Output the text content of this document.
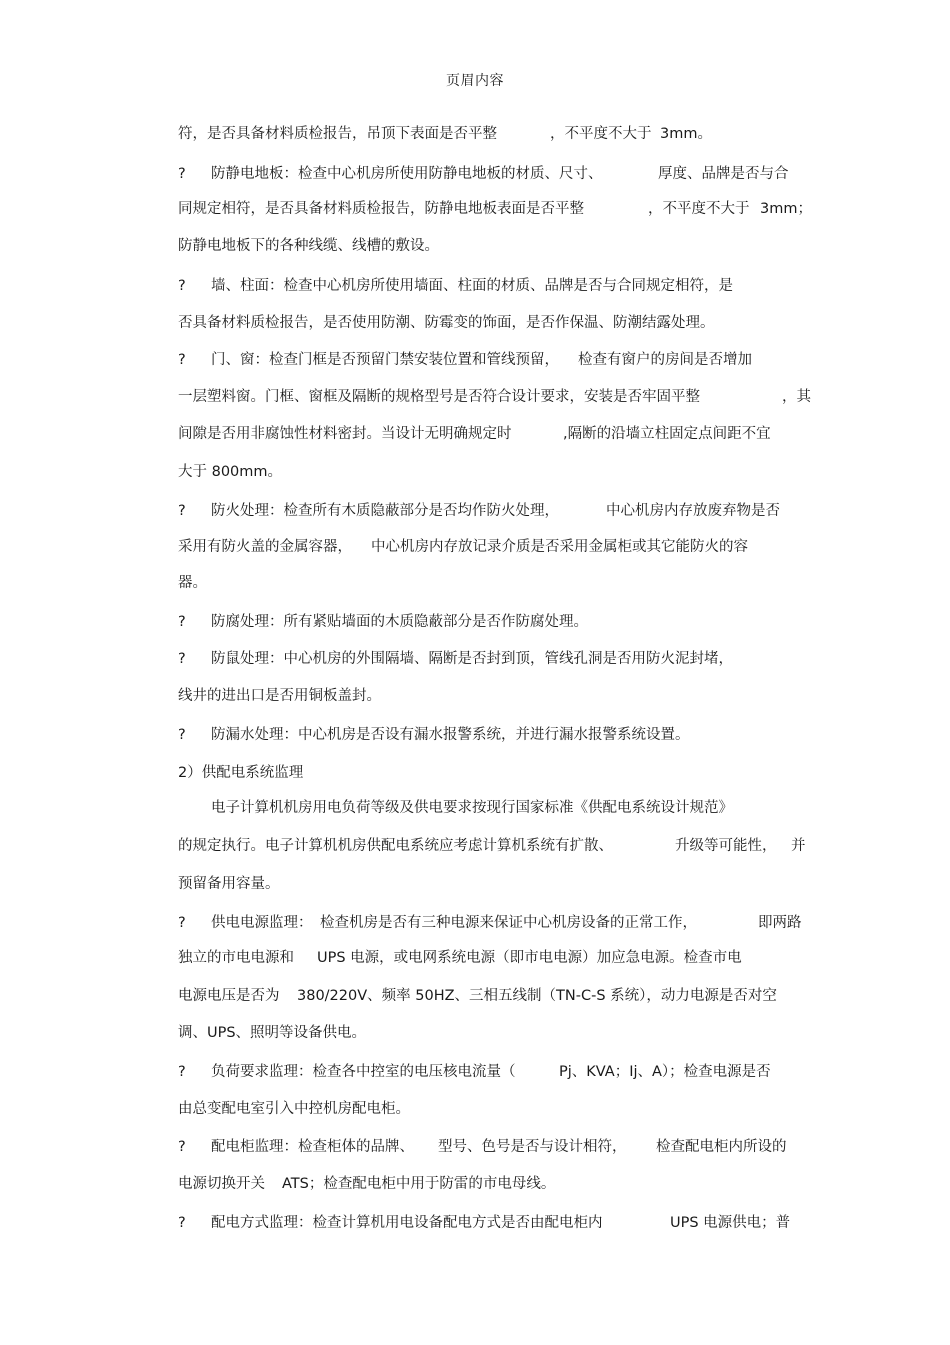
页眉内容
符，是否具备材料质检报告，吊顶下表面是否平整	，不平度不大于 3mm。
? 防静电地板：检查中心机房所使用防静电地板的材质、尺寸、	厚度、品牌是否与合
同规定相符，是否具备材料质检报告，防静电地板表面是否平整	，不平度不大于 3mm；
防静电地板下的各种线缆、线槽的敷设。
? 墙、柱面：检查中心机房所使用墙面、柱面的材质、品牌是否与合同规定相符，是
否具备材料质检报告，是否使用防潮、防霉变的饰面，是否作保温、防潮结露处理。
? 门、窗：检查门框是否预留门禁安装位置和管线预留， 检查有窗户的房间是否增加
一层塑料窗。门框、窗框及隔断的规格型号是否符合设计要求，安装是否牢固平整	，其
间隙是否用非腐蚀性材料密封。当设计无明确规定时	,隔断的沿墙立柱固定点间距不宜
大于 800mm。
? 防火处理：检查所有木质隐蔽部分是否均作防火处理，	中心机房内存放废弃物是否
采用有防火盖的金属容器， 中心机房内存放记录介质是否采用金属柜或其它能防火的容
器。
? 防腐处理：所有紧贴墙面的木质隐蔽部分是否作防腐处理。
? 防鼠处理：中心机房的外围隔墙、隔断是否封到顶，管线孔洞是否用防火泥封堵，
线井的进出口是否用铜板盖封。
? 防漏水处理：中心机房是否设有漏水报警系统，并进行漏水报警系统设置。
2）供配电系统监理
电子计算机机房用电负荷等级及供电要求按现行国家标准《供配电系统设计规范》
的规定执行。电子计算机机房供配电系统应考虑计算机系统有扩散、	升级等可能性， 并
预留备用容量。
? 供电电源监理： 检查机房是否有三种电源来保证中心机房设备的正常工作，	即两路
独立的市电电源和 UPS 电源，或电网系统电源（即市电电源）加应急电源。检查市电
电源电压是否为 380/220V、频率 50HZ、三相五线制（TN-C-S 系统），动力电源是否对空
调、UPS、照明等设备供电。
? 负荷要求监理：检查各中控室的电压核电流量（	Pj、KVA；Ij、A）；检查电源是否
由总变配电室引入中控机房配电柜。
? 配电柜监理：检查柜体的品牌、 型号、色号是否与设计相符， 检查配电柜内所设的
电源切换开关 ATS；检查配电柜中用于防雷的市电母线。
? 配电方式监理：检查计算机用电设备配电方式是否由配电柜内	UPS 电源供电；普
